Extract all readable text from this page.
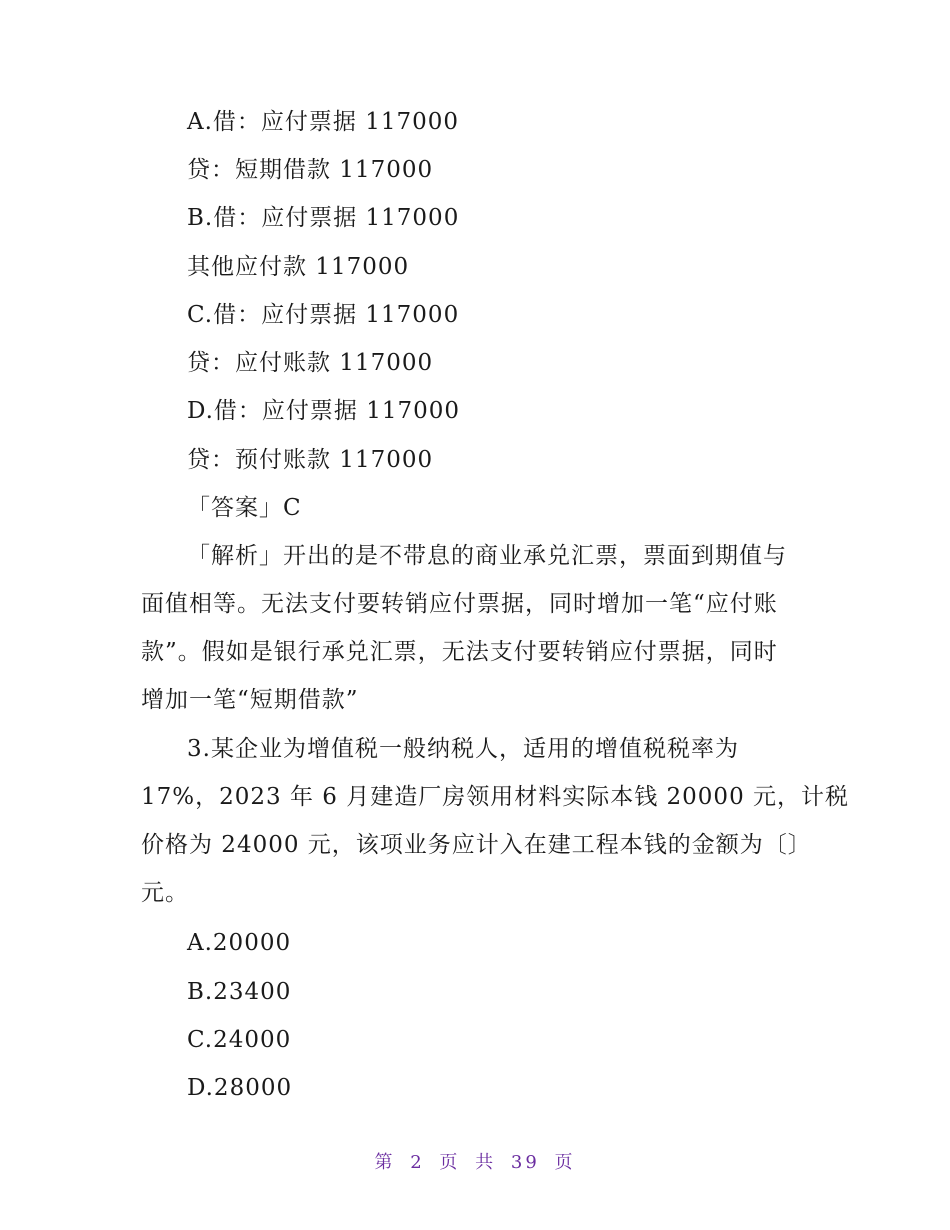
A.借：应付票据 117000
贷：短期借款 117000
B.借：应付票据 117000
其他应付款 117000
C.借：应付票据 117000
贷：应付账款 117000
D.借：应付票据 117000
贷：预付账款 117000
「答案」C
「解析」开出的是不带息的商业承兑汇票，票面到期值与
面值相等。无法支付要转销应付票据，同时增加一笔“应付账
款”。假如是银行承兑汇票，无法支付要转销应付票据，同时
增加一笔“短期借款”
3.某企业为增值税一般纳税人，适用的增值税税率为
17%，2023 年 6 月建造厂房领用材料实际本钱 20000 元，计税
价格为 24000 元，该项业务应计入在建工程本钱的金额为〔〕
元。
A.20000
B.23400
C.24000
D.28000
第 2 页 共 39 页
